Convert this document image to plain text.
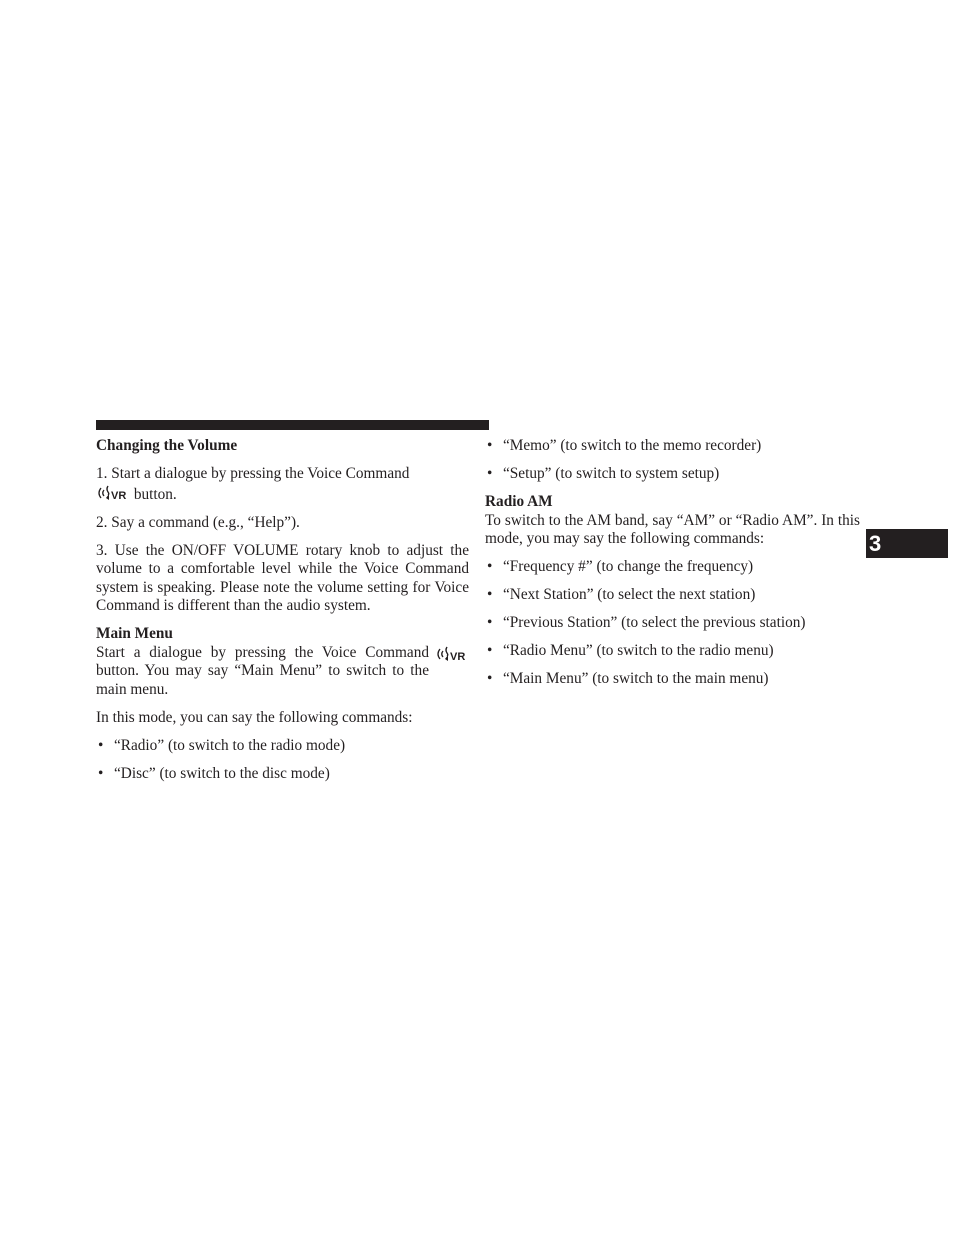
Changing the Volume

1. Start a dialogue by pressing the Voice Command

VR button.

2. Say a command (e.g., “Help”).

3. Use the ON/OFF VOLUME rotary knob to adjust the volume to a comfortable level while the Voice Command system is speaking. Please note the volume setting for Voice Command is different than the audio system.

Main Menu

VR
Start a dialogue by pressing the Voice Command button. You may say “Main Menu” to switch to the main menu.

In this mode, you can say the following commands:

• “Radio” (to switch to the radio mode)
• “Disc” (to switch to the disc mode)
• “Memo” (to switch to the memo recorder)
• “Setup” (to switch to system setup)

Radio AM

To switch to the AM band, say “AM” or “Radio AM”. In this mode, you may say the following commands:

• “Frequency #” (to change the frequency)
• “Next Station” (to select the next station)
• “Previous Station” (to select the previous station)
• “Radio Menu” (to switch to the radio menu)
• “Main Menu” (to switch to the main menu)
3
